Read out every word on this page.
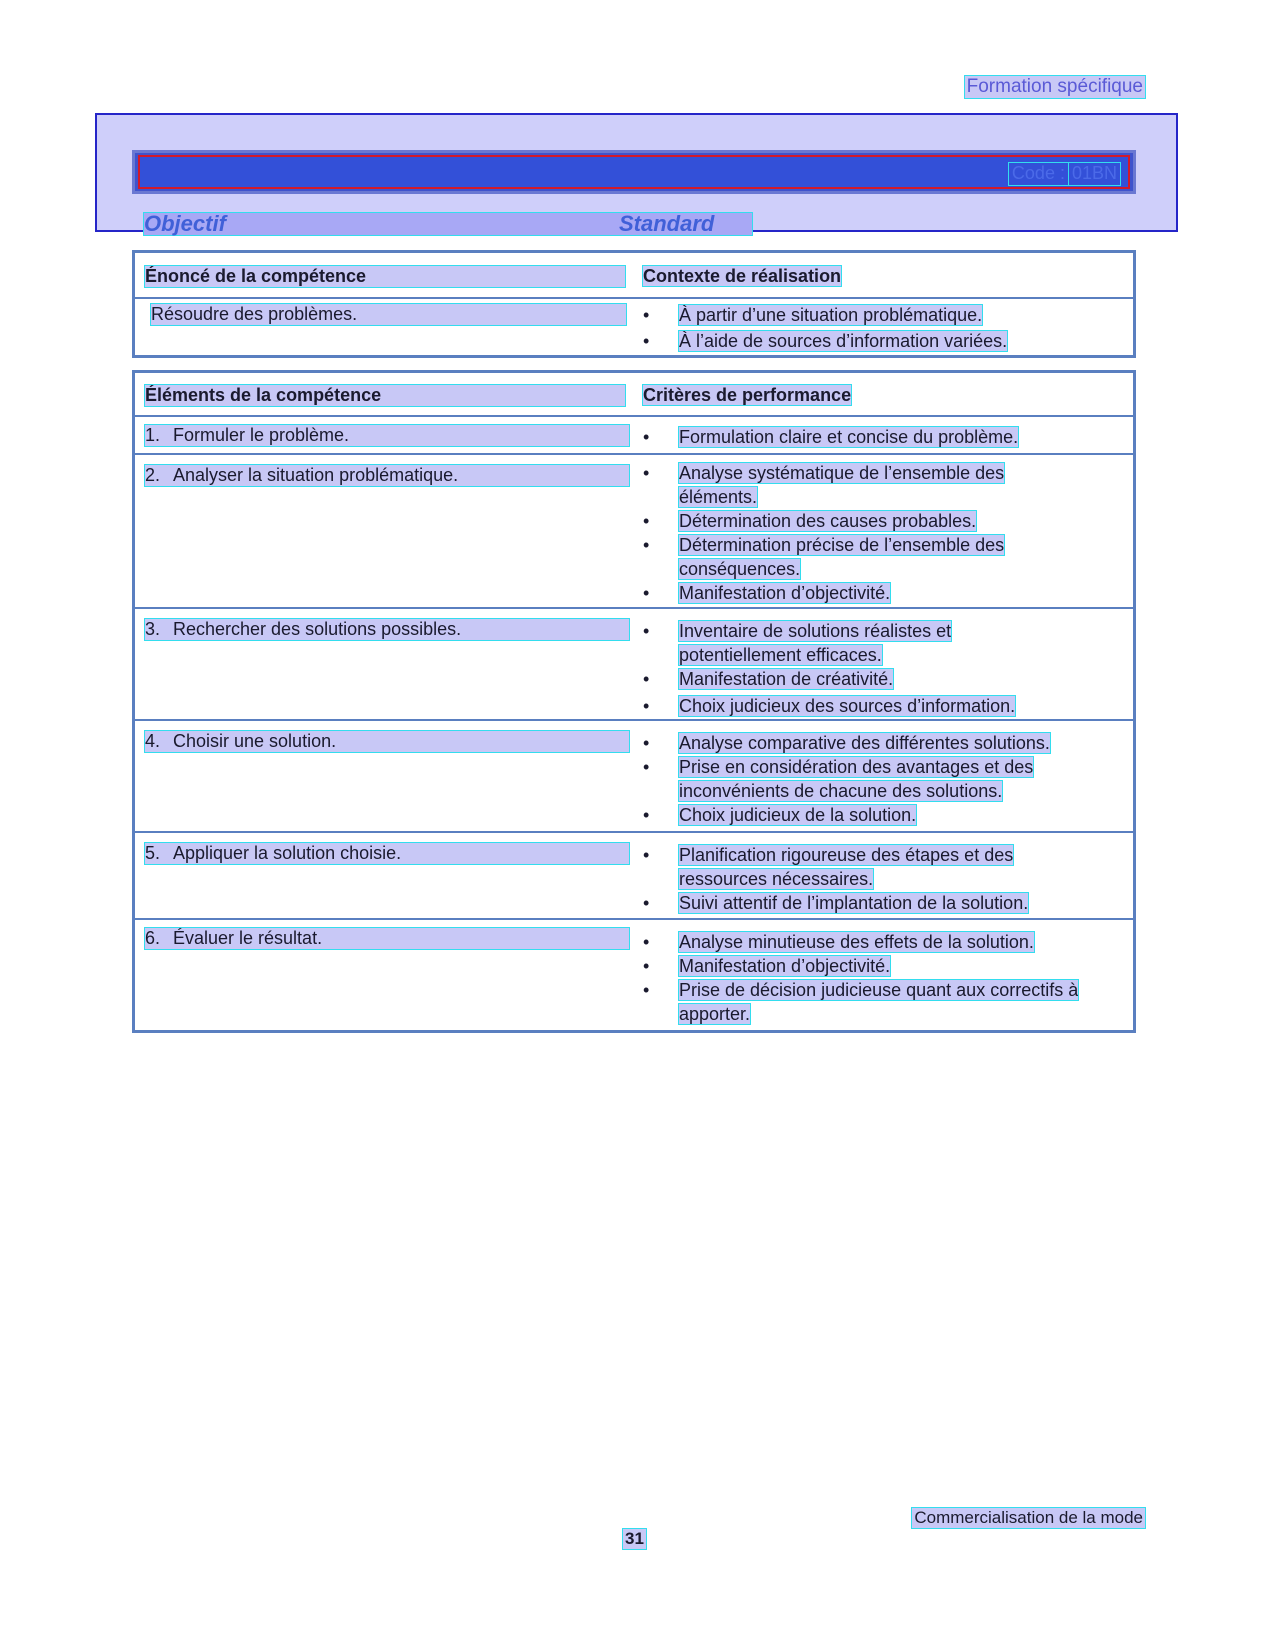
Formation spécifique
Code : 01BN
Objectif	Standard
Énoncé de la compétence	Contexte de réalisation
Résoudre des problèmes.	• À partir d’une situation problématique.
• À l’aide de sources d’information variées.
Éléments de la compétence	Critères de performance
1. Formuler le problème.	• Formulation claire et concise du problème.
2. Analyser la situation problématique.	• Analyse systématique de l’ensemble des éléments.
• Détermination des causes probables.
• Détermination précise de l’ensemble des conséquences.
• Manifestation d’objectivité.
3. Rechercher des solutions possibles.	• Inventaire de solutions réalistes et potentiellement efficaces.
• Manifestation de créativité.
• Choix judicieux des sources d’information.
4. Choisir une solution.	• Analyse comparative des différentes solutions.
• Prise en considération des avantages et des inconvénients de chacune des solutions.
• Choix judicieux de la solution.
5. Appliquer la solution choisie.	• Planification rigoureuse des étapes et des ressources nécessaires.
• Suivi attentif de l’implantation de la solution.
6. Évaluer le résultat.	• Analyse minutieuse des effets de la solution.
• Manifestation d’objectivité.
• Prise de décision judicieuse quant aux correctifs à apporter.
Commercialisation de la mode
31
